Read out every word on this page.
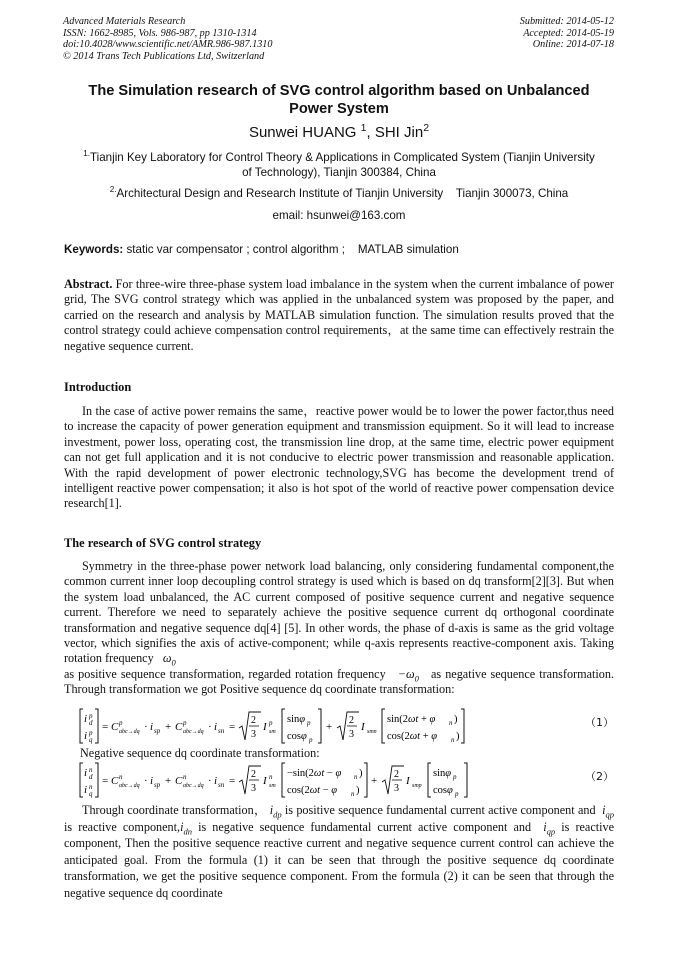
Advanced Materials Research
ISSN: 1662-8985, Vols. 986-987, pp 1310-1314
doi:10.4028/www.scientific.net/AMR.986-987.1310
© 2014 Trans Tech Publications Ltd, Switzerland
Submitted: 2014-05-12
Accepted: 2014-05-19
Online: 2014-07-18
The Simulation research of SVG control algorithm based on Unbalanced
Power System
Sunwei HUANG $^1$, SHI Jin$^2$
$^{1.}$Tianjin Key Laboratory for Control Theory & Applications in Complicated System (Tianjin University
of Technology), Tianjin 300384, China
$^{2.}$Architectural Design and Research Institute of Tianjin University    Tianjin 300073, China
email: hsunwei@163.com
Keywords: static var compensator ; control algorithm ;    MATLAB simulation

Abstract. For three-wire three-phase system load imbalance in the system when the current imbalance of power grid, The SVG control strategy which was applied in the unbalanced system was proposed by the paper, and carried on the research and analysis by MATLAB simulation function. The simulation results proved that the control strategy could achieve compensation control requirements，at the same time can effectively restrain the negative sequence current.

Introduction

In the case of active power remains the same，reactive power would be to lower the power factor,thus need to increase the capacity of power generation equipment and transmission equipment. So it will lead to increase investment, power loss, operating cost, the transmission line drop, at the same time, electric power equipment can not get full application and it is not conducive to electric power transmission and reasonable application. With the rapid development of power electronic technology,SVG has become the development trend of intelligent reactive power compensation; it also is hot spot of the world of reactive power compensation device research[1].

The research of SVG control strategy

Symmetry in the three-phase power network load balancing, only considering fundamental component,the common current inner loop decoupling control strategy is used which is based on dq transform[2][3]. But when the system load unbalanced, the AC current composed of positive sequence current and negative sequence current. Therefore we need to separately achieve the positive sequence current dq orthogonal coordinate transformation and negative sequence dq[4] [5]. In other words, the phase of d-axis is same as the grid voltage vector, which signifies the axis of active-component; while q-axis represents reactive-component axis. Taking rotation frequency   $\omega_0$
as positive sequence transformation, regarded rotation frequency   $-\omega_0$ as negative sequence transformation. Through transformation we got Positive sequence dq coordinate transformation:

i p
d
i p
q
= C p
abc→dq · i sp + C p
abc→dq · i sn =
2
3
I p
sm
sinφ p
cosφ p
+
2
3
I smn
sin(2ωt + φ n )
cos(2ωt + φ n )
（1）
Negative sequence dq coordinate transformation:
i n
d
i n
q
= C n
abc→dq · i sp + C n
abc→dq · i sn =
2
3
I n
sm
−sin(2ωt − φ n )
cos(2ωt − φ n )
+
2
3
I smp
sinφ p
cosφ p
（2）

Through coordinate transformation， $i_{dp}$ is positive sequence fundamental current active component and  $i_{qp}$ is reactive $component,i_{dn}$ is negative sequence fundamental current active component and  $i_{qp}$ is reactive component, Then the positive sequence reactive current and negative sequence current control can achieve the anticipated goal. From the formula (1) it can be seen that through the positive sequence dq coordinate transformation, we get the positive sequence component. From the formula (2) it can be seen that through the negative sequence dq coordinate
